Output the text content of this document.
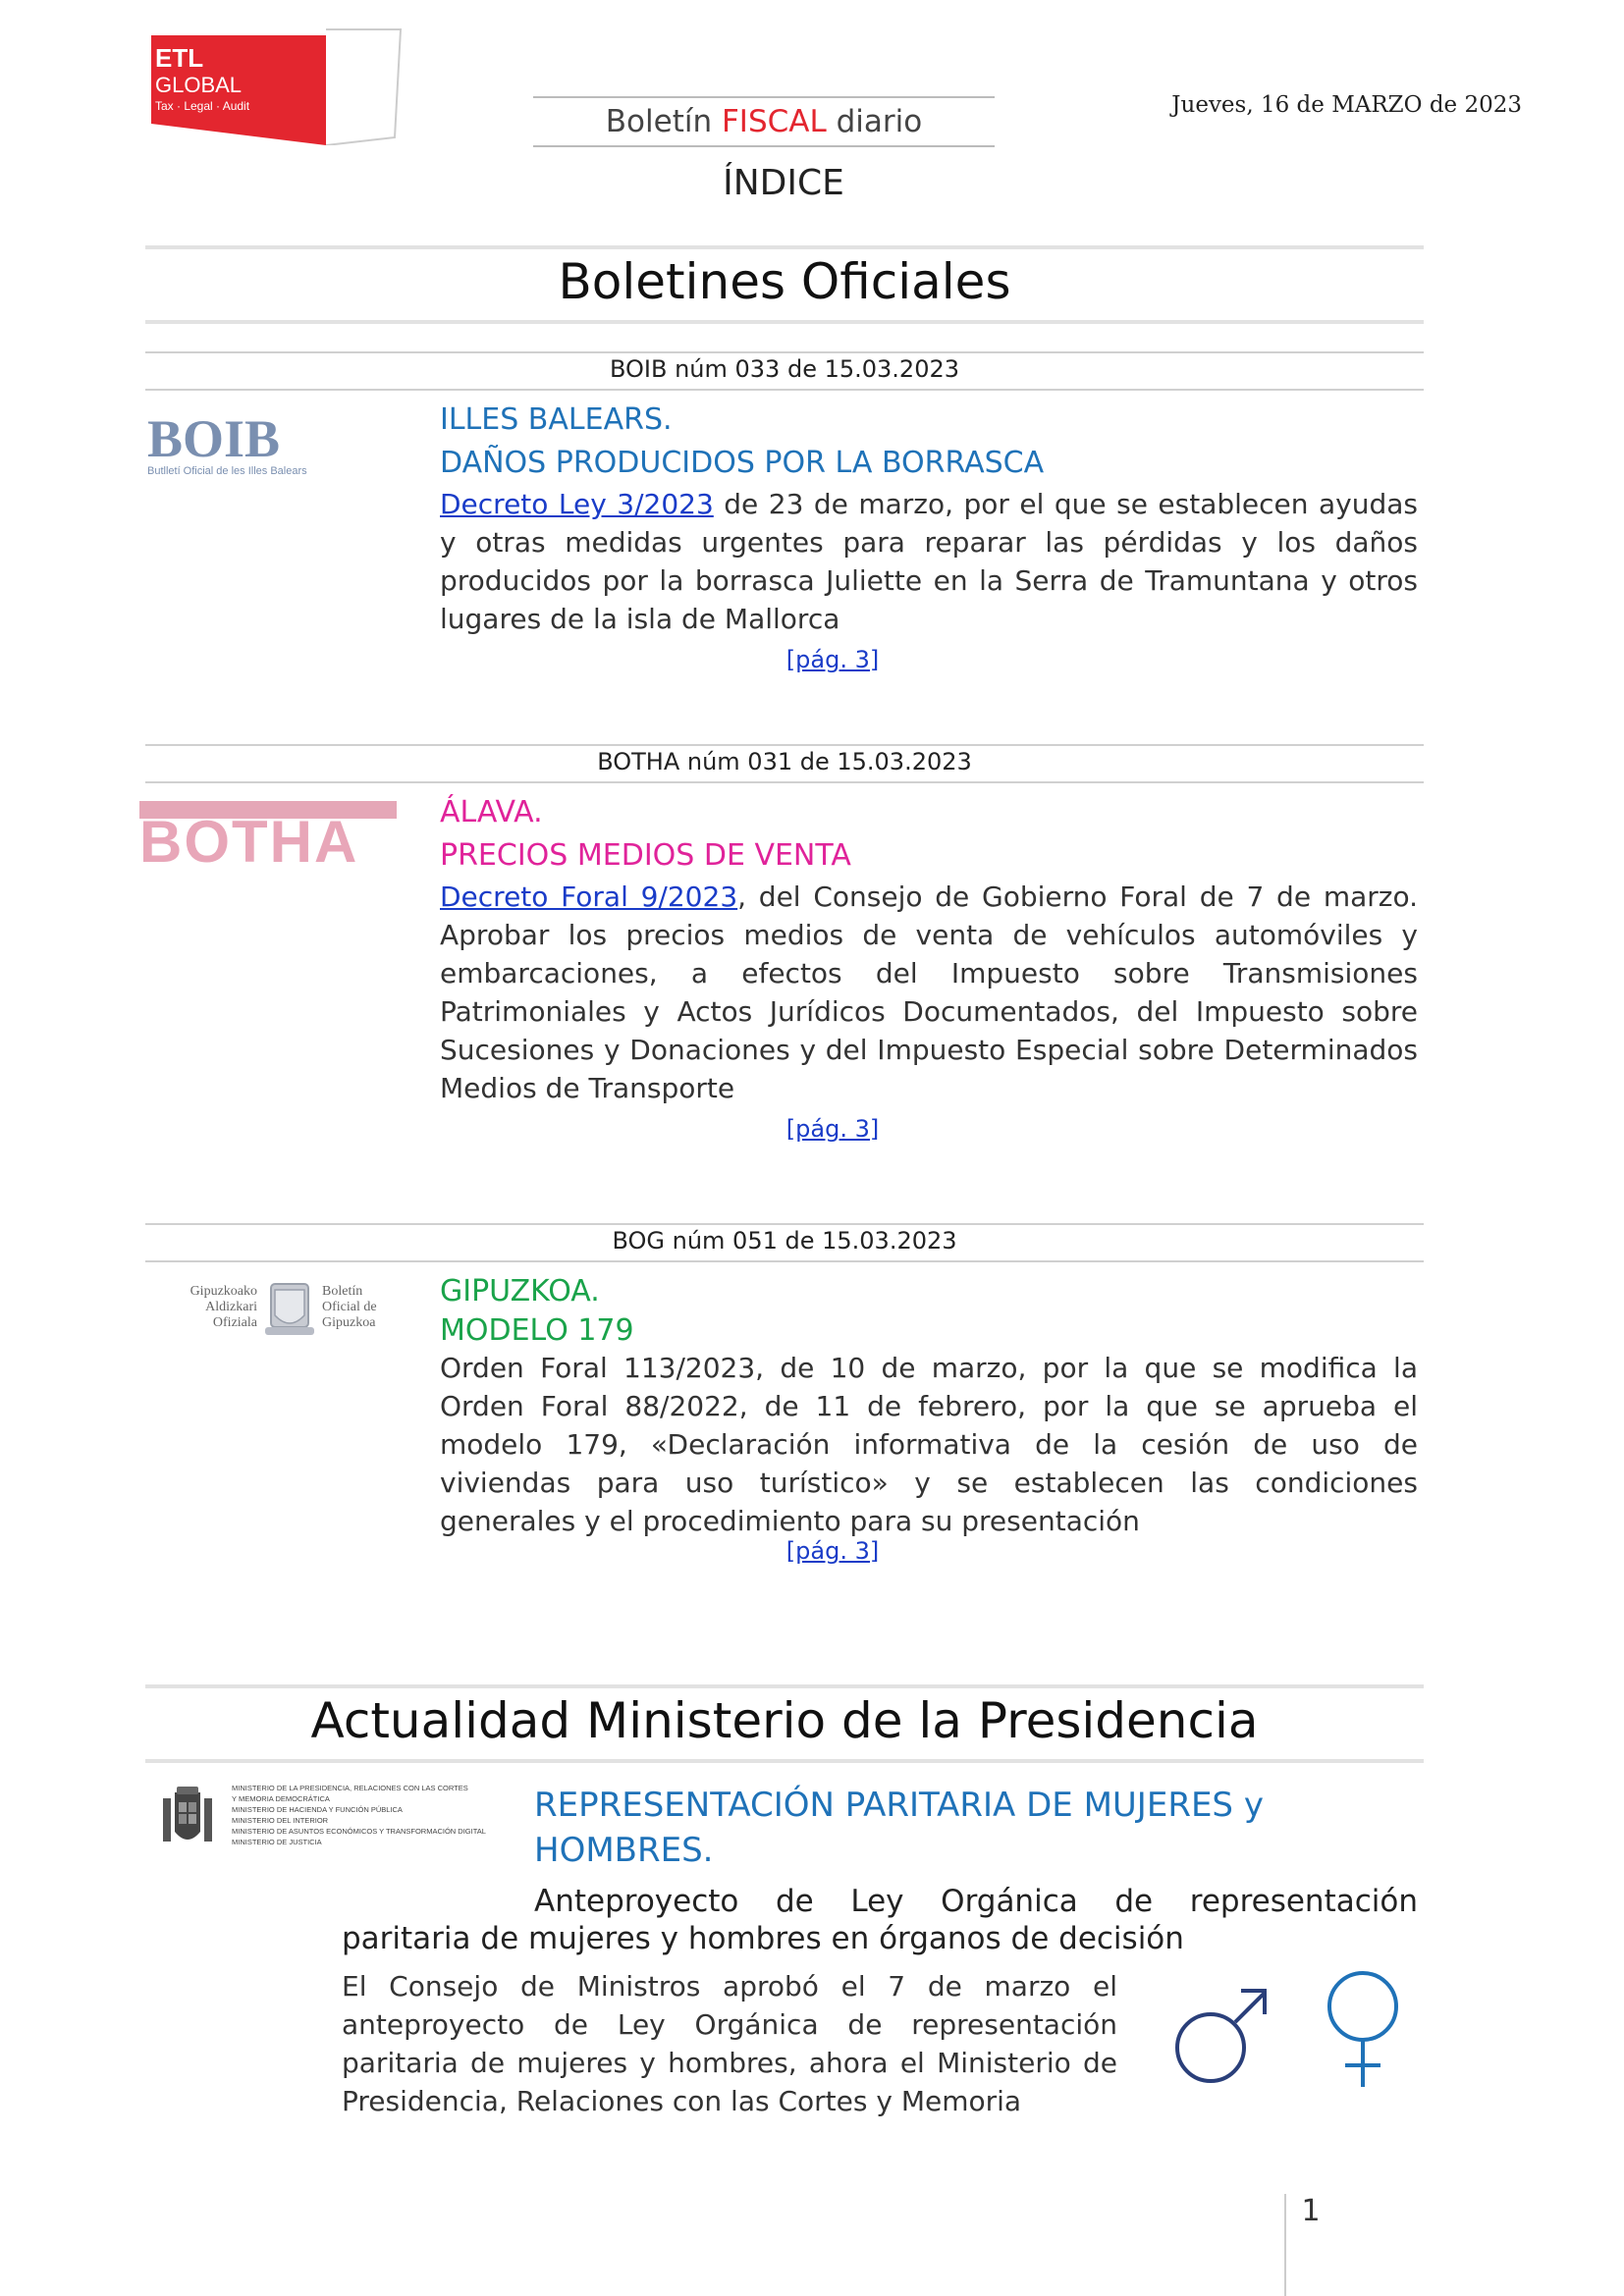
ETL
GLOBAL
Tax · Legal · Audit	Boletín FISCAL diario	Jueves, 16 de MARZO de 2023
ÍNDICE
Boletines Oficiales
BOIB núm 033 de 15.03.2023
BOIB
Butlletí Oficial de les Illes Balears
ILLES BALEARS.
DAÑOS PRODUCIDOS POR LA BORRASCA
Decreto Ley 3/2023 de 23 de marzo, por el que se establecen ayudas y otras medidas urgentes para reparar las pérdidas y los daños producidos por la borrasca Juliette en la Serra de Tramuntana y otros lugares de la isla de Mallorca
[pág. 3]
BOTHA núm 031 de 15.03.2023
BOTHA	ÁLAVA.
PRECIOS MEDIOS DE VENTA
Decreto Foral 9/2023, del Consejo de Gobierno Foral de 7 de marzo. Aprobar los precios medios de venta de vehículos automóviles y embarcaciones, a efectos del Impuesto sobre Transmisiones Patrimoniales y Actos Jurídicos Documentados, del Impuesto sobre Sucesiones y Donaciones y del Impuesto Especial sobre Determinados Medios de Transporte
[pág. 3]
BOG núm 051 de 15.03.2023
Gipuzkoako
Aldizkari
Ofiziala
Boletín
Oficial de
Gipuzkoa
GIPUZKOA.
MODELO 179
Orden Foral 113/2023, de 10 de marzo, por la que se modifica la Orden Foral 88/2022, de 11 de febrero, por la que se aprueba el modelo 179, «Declaración informativa de la cesión de uso de viviendas para uso turístico» y se establecen las condiciones generales y el procedimiento para su presentación
[pág. 3]
Actualidad Ministerio de la Presidencia
MINISTERIO DE LA PRESIDENCIA, RELACIONES CON LAS CORTES
Y MEMORIA DEMOCRÁTICA
MINISTERIO DE HACIENDA Y FUNCIÓN PÚBLICA
MINISTERIO DEL INTERIOR
MINISTERIO DE ASUNTOS ECONÓMICOS Y TRANSFORMACIÓN DIGITAL
MINISTERIO DE JUSTICIA
REPRESENTACIÓN PARITARIA DE MUJERES y HOMBRES.
Anteproyecto de Ley Orgánica de representación paritaria de mujeres y hombres en órganos de decisión
El Consejo de Ministros aprobó el 7 de marzo el anteproyecto de Ley Orgánica de representación paritaria de mujeres y hombres, ahora el Ministerio de Presidencia, Relaciones con las Cortes y Memoria
1
